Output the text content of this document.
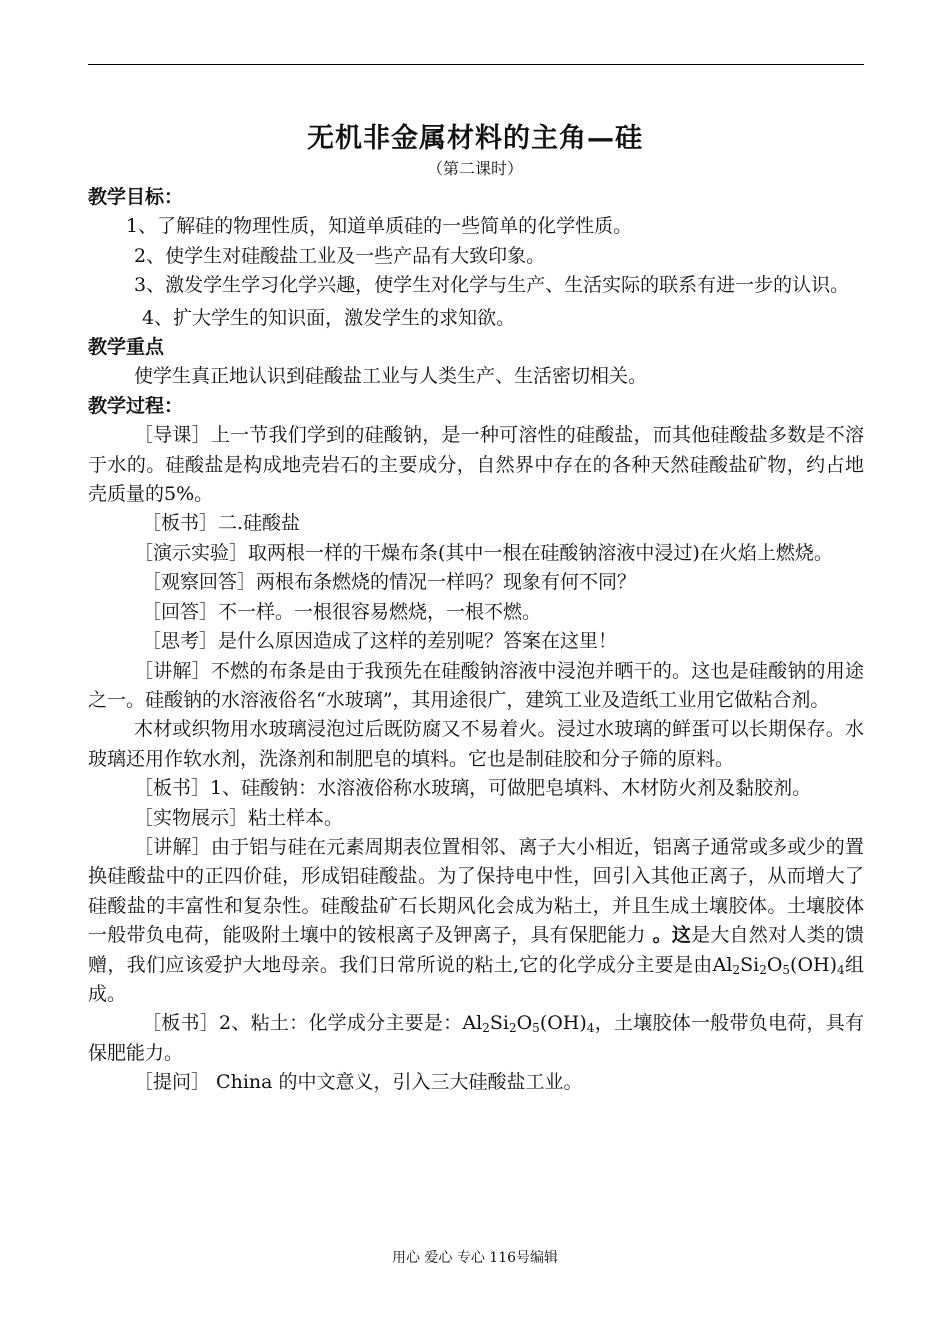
无机非金属材料的主角—硅
（第二课时）

教学目标：

1、了解硅的物理性质，知道单质硅的一些简单的化学性质。

2、使学生对硅酸盐工业及一些产品有大致印象。

3、激发学生学习化学兴趣，使学生对化学与生产、生活实际的联系有进一步的认识。

4、扩大学生的知识面，激发学生的求知欲。

教学重点

使学生真正地认识到硅酸盐工业与人类生产、生活密切相关。

教学过程：

［导课］上一节我们学到的硅酸钠，是一种可溶性的硅酸盐，而其他硅酸盐多数是不溶于水的。硅酸盐是构成地壳岩石的主要成分，自然界中存在的各种天然硅酸盐矿物，约占地壳质量的5%。

［板书］二.硅酸盐

［演示实验］取两根一样的干燥布条(其中一根在硅酸钠溶液中浸过)在火焰上燃烧。

［观察回答］两根布条燃烧的情况一样吗？现象有何不同？

［回答］不一样。一根很容易燃烧，一根不燃。

［思考］是什么原因造成了这样的差别呢？答案在这里！

［讲解］不燃的布条是由于我预先在硅酸钠溶液中浸泡并晒干的。这也是硅酸钠的用途之一。硅酸钠的水溶液俗名“水玻璃”，其用途很广，建筑工业及造纸工业用它做粘合剂。

木材或织物用水玻璃浸泡过后既防腐又不易着火。浸过水玻璃的鲜蛋可以长期保存。水玻璃还用作软水剂，洗涤剂和制肥皂的填料。它也是制硅胶和分子筛的原料。

［板书］1、硅酸钠：水溶液俗称水玻璃，可做肥皂填料、木材防火剂及黏胶剂。

［实物展示］粘土样本。

［讲解］由于铝与硅在元素周期表位置相邻、离子大小相近，铝离子通常或多或少的置换硅酸盐中的正四价硅，形成铝硅酸盐。为了保持电中性，回引入其他正离子，从而增大了硅酸盐的丰富性和复杂性。硅酸盐矿石长期风化会成为粘土，并且生成土壤胶体。土壤胶体一般带负电荷，能吸附土壤中的铵根离子及钾离子，具有保肥能力 。这是大自然对人类的馈赠，我们应该爱护大地母亲。我们日常所说的粘土,它的化学成分主要是由$Al_2Si_2O_5(OH)_4$组成。

［板书］2、粘土：化学成分主要是：$Al_2Si_2O_5(OH)_4$，土壤胶体一般带负电荷，具有保肥能力。

［提问］ China 的中文意义，引入三大硅酸盐工业。

用心 爱心 专心 116号编辑
